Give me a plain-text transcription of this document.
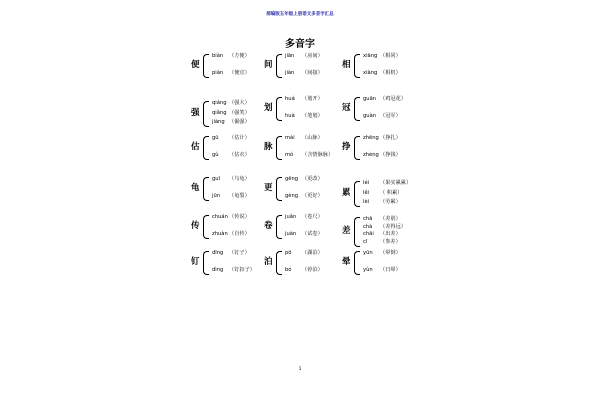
部编版五年级上册语文多音字汇总
多音字
便
biàn （方便）
pián （便宜）
间
jiān （房间）
jiàn （间接）
相
xiāng （相同）
xiàng （相机）
强
qiáng （强大）
qiǎng （强笑）
jiàng （倔强）
划
huá （划开）
huà （笔划）
冠
guān （鸡冠花）
guàn （冠军）
估
gū （估计）
gù （估衣）
脉
mài （山脉）
mò （含情脉脉）
挣
zhēng（挣扎）
zhèng（挣钱）
龟
guī （乌龟）
jūn （龟裂）
更
gēng （更改）
gèng （更好） 累
léi （果实累累）
lěi （ 积累）
lèi （劳累）
传
chuán（传说）
zhuàn（自传）
卷
juǎn （卷尺）
juàn （试卷） 差
chā （差别）
chà （差得远）
chāi （出差）
cī （参差）
钉
dīng （钉子）
dìng （钉扣子）
泊
pō （湖泊）
bó （停泊）
晕
yūn （晕倒）
yùn （日晕）
1
